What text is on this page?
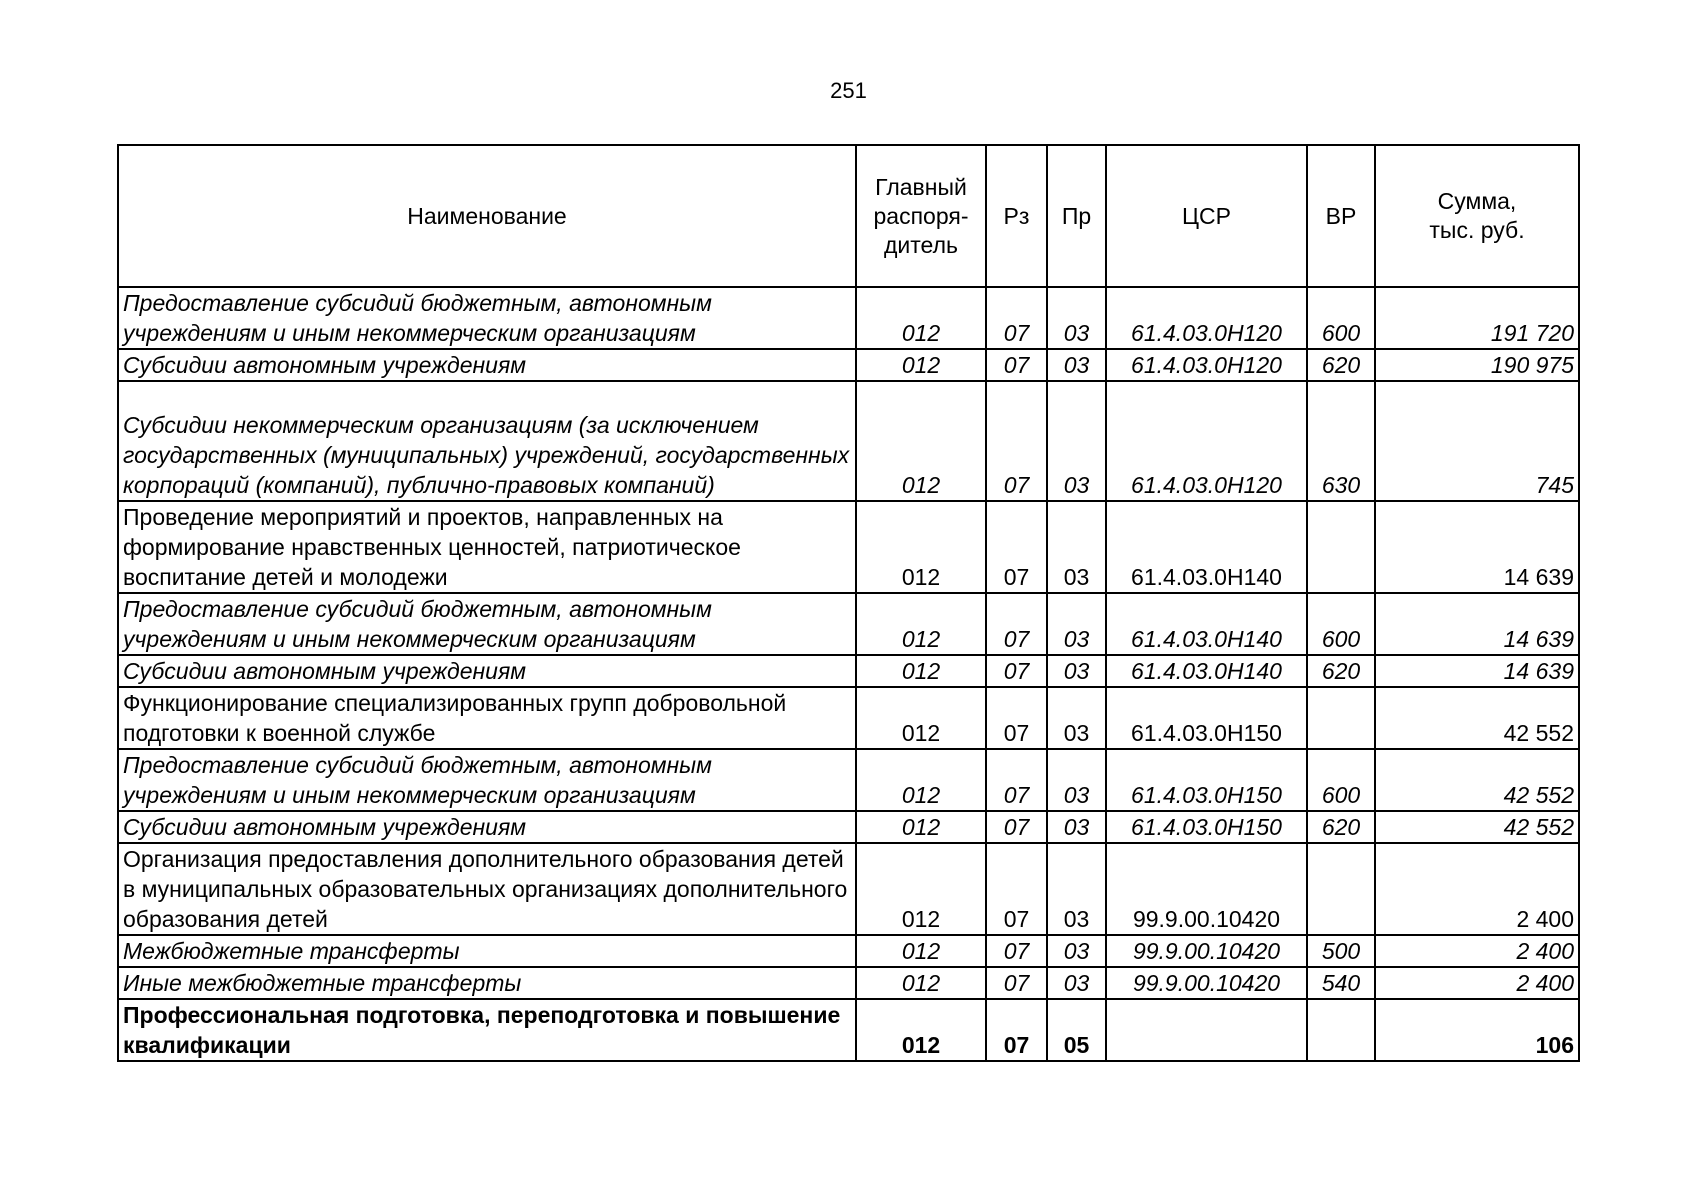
251
Наименование	Главный распоря-дитель	Рз	Пр	ЦСР	ВР	Сумма, тыс. руб.
Предоставление субсидий бюджетным, автономным учреждениям и иным некоммерческим организациям	012	07	03	61.4.03.0Н120	600	191 720
Субсидии автономным учреждениям	012	07	03	61.4.03.0Н120	620	190 975
Субсидии некоммерческим организациям (за исключением государственных (муниципальных) учреждений, государственных корпораций (компаний), публично-правовых компаний)	012	07	03	61.4.03.0Н120	630	745
Проведение мероприятий и проектов, направленных на формирование нравственных ценностей, патриотическое воспитание детей и молодежи	012	07	03	61.4.03.0Н140		14 639
Предоставление субсидий бюджетным, автономным учреждениям и иным некоммерческим организациям	012	07	03	61.4.03.0Н140	600	14 639
Субсидии автономным учреждениям	012	07	03	61.4.03.0Н140	620	14 639
Функционирование специализированных групп добровольной подготовки к военной службе	012	07	03	61.4.03.0Н150		42 552
Предоставление субсидий бюджетным, автономным учреждениям и иным некоммерческим организациям	012	07	03	61.4.03.0Н150	600	42 552
Субсидии автономным учреждениям	012	07	03	61.4.03.0Н150	620	42 552
Организация предоставления дополнительного образования детей в муниципальных образовательных организациях дополнительного образования детей	012	07	03	99.9.00.10420		2 400
Межбюджетные трансферты	012	07	03	99.9.00.10420	500	2 400
Иные межбюджетные трансферты	012	07	03	99.9.00.10420	540	2 400
Профессиональная подготовка, переподготовка и повышение квалификации	012	07	05			106
